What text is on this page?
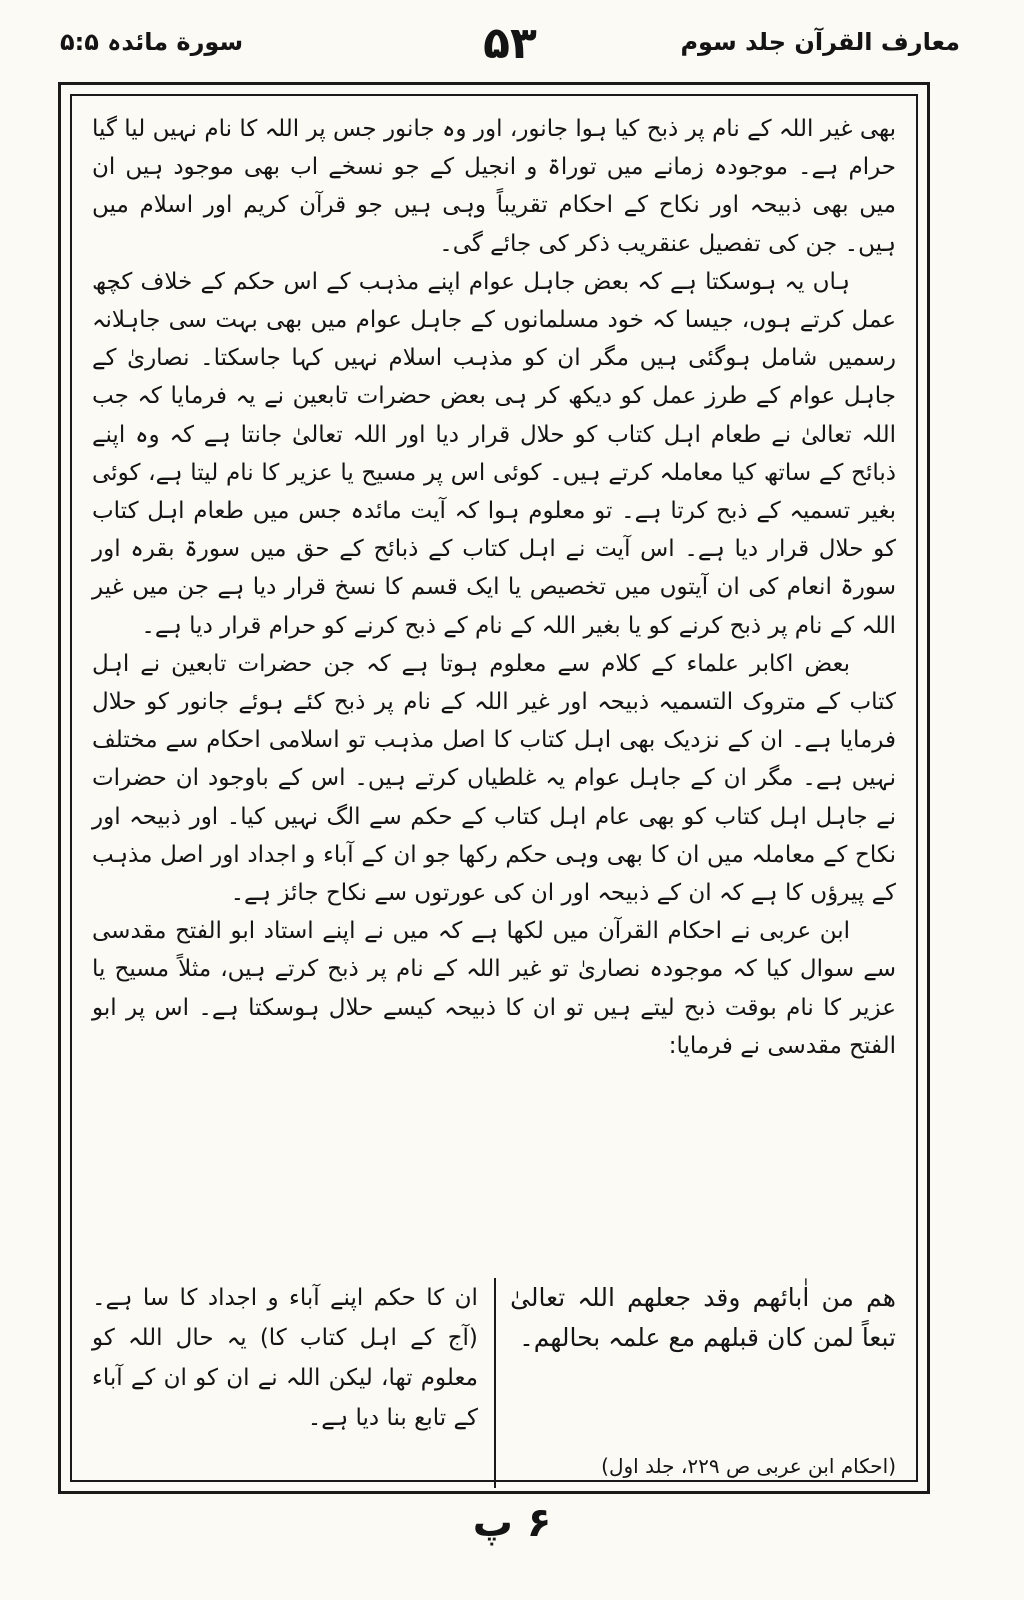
معارف القرآن جلد سوم
۵۳
سورة مائدہ ۵:۵

بھی غیر اللہ کے نام پر ذبح کیا ہوا جانور، اور وہ جانور جس پر اللہ کا نام نہیں لیا گیا حرام ہے۔ موجودہ زمانے میں توراۃ و انجیل کے جو نسخے اب بھی موجود ہیں ان میں بھی ذبیحہ اور نکاح کے احکام تقریباً وہی ہیں جو قرآن کریم اور اسلام میں ہیں۔ جن کی تفصیل عنقریب ذکر کی جائے گی۔

ہاں یہ ہوسکتا ہے کہ بعض جاہل عوام اپنے مذہب کے اس حکم کے خلاف کچھ عمل کرتے ہوں، جیسا کہ خود مسلمانوں کے جاہل عوام میں بھی بہت سی جاہلانہ رسمیں شامل ہوگئی ہیں مگر ان کو مذہب اسلام نہیں کہا جاسکتا۔ نصاریٰ کے جاہل عوام کے طرز عمل کو دیکھ کر ہی بعض حضرات تابعین نے یہ فرمایا کہ جب اللہ تعالیٰ نے طعام اہل کتاب کو حلال قرار دیا اور اللہ تعالیٰ جانتا ہے کہ وہ اپنے ذبائح کے ساتھ کیا معاملہ کرتے ہیں۔ کوئی اس پر مسیح یا عزیر کا نام لیتا ہے، کوئی بغیر تسمیہ کے ذبح کرتا ہے۔ تو معلوم ہوا کہ آیت مائدہ جس میں طعام اہل کتاب کو حلال قرار دیا ہے۔ اس آیت نے اہل کتاب کے ذبائح کے حق میں سورۃ بقرہ اور سورۃ انعام کی ان آیتوں میں تخصیص یا ایک قسم کا نسخ قرار دیا ہے جن میں غیر اللہ کے نام پر ذبح کرنے کو یا بغیر اللہ کے نام کے ذبح کرنے کو حرام قرار دیا ہے۔

بعض اکابر علماء کے کلام سے معلوم ہوتا ہے کہ جن حضرات تابعین نے اہل کتاب کے متروک التسمیہ ذبیحہ اور غیر اللہ کے نام پر ذبح کئے ہوئے جانور کو حلال فرمایا ہے۔ ان کے نزدیک بھی اہل کتاب کا اصل مذہب تو اسلامی احکام سے مختلف نہیں ہے۔ مگر ان کے جاہل عوام یہ غلطیاں کرتے ہیں۔ اس کے باوجود ان حضرات نے جاہل اہل کتاب کو بھی عام اہل کتاب کے حکم سے الگ نہیں کیا۔ اور ذبیحہ اور نکاح کے معاملہ میں ان کا بھی وہی حکم رکھا جو ان کے آباء و اجداد اور اصل مذہب کے پیرؤں کا ہے کہ ان کے ذبیحہ اور ان کی عورتوں سے نکاح جائز ہے۔

ابن عربی نے احکام القرآن میں لکھا ہے کہ میں نے اپنے استاد ابو الفتح مقدسی سے سوال کیا کہ موجودہ نصاریٰ تو غیر اللہ کے نام پر ذبح کرتے ہیں، مثلاً مسیح یا عزیر کا نام بوقت ذبح لیتے ہیں تو ان کا ذبیحہ کیسے حلال ہوسکتا ہے۔ اس پر ابو الفتح مقدسی نے فرمایا:

ھم من اٰبائھم وقد جعلھم اللہ تعالیٰ تبعاً لمن کان قبلھم مع علمہ بحالھم۔
ان کا حکم اپنے آباء و اجداد کا سا ہے۔ (آج کے اہل کتاب کا) یہ حال اللہ کو معلوم تھا، لیکن اللہ نے ان کو ان کے آباء کے تابع بنا دیا ہے۔
(احکام ابن عربی ص ۲۲۹، جلد اول)
۶ پ
